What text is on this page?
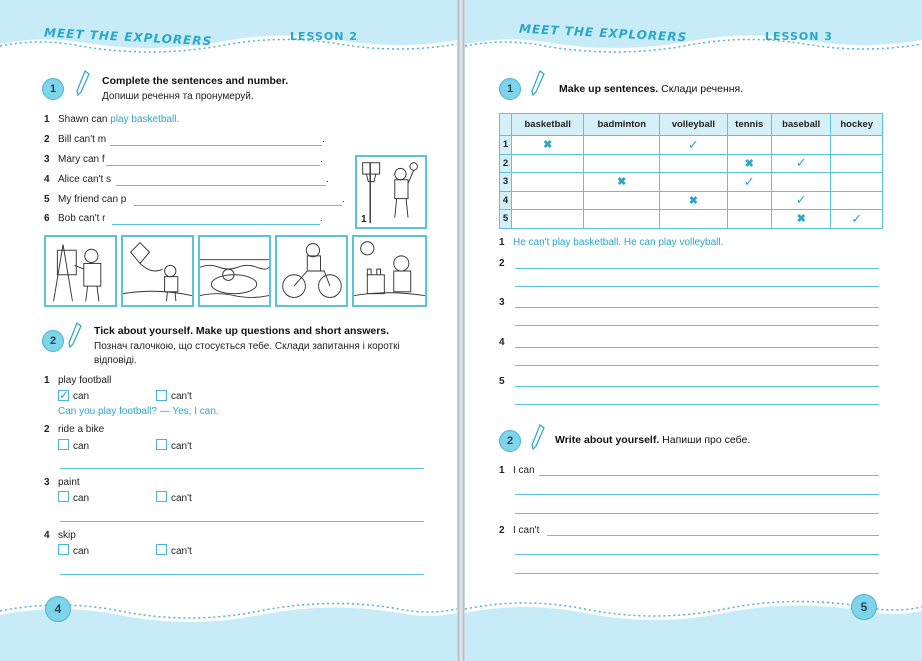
MEET THE EXPLORERS	LESSON 2
1
Complete the sentences and number.
Допиши речення та пронумеруй.
1 Shawn can play basketball.
2 Bill can't m	.
3 Mary can f	.
4 Alice can't s	.
5 My friend can p	.
6 Bob can't r	.	1
2
Tick about yourself. Make up questions and short answers.
Познач галочкою, що стосується тебе. Склади запитання і короткі відповіді.
1 play football
✓ can	can't
Can you play football? — Yes, I can.
2 ride a bike
can	can't
3 paint
can	can't
4 skip
can	can't
4
MEET THE EXPLORERS	LESSON 3
1	Make up sentences. Склади речення.
	basketball	badminton	volleyball	tennis	baseball	hockey
1	✖		✓			
2				✖	✓	
3		✖		✓		
4			✖		✓	
5					✖	✓
1 He can't play basketball. He can play volleyball.
2
3
4
5
2	Write about yourself. Напиши про себе.
1 I can
2 I can't
5
